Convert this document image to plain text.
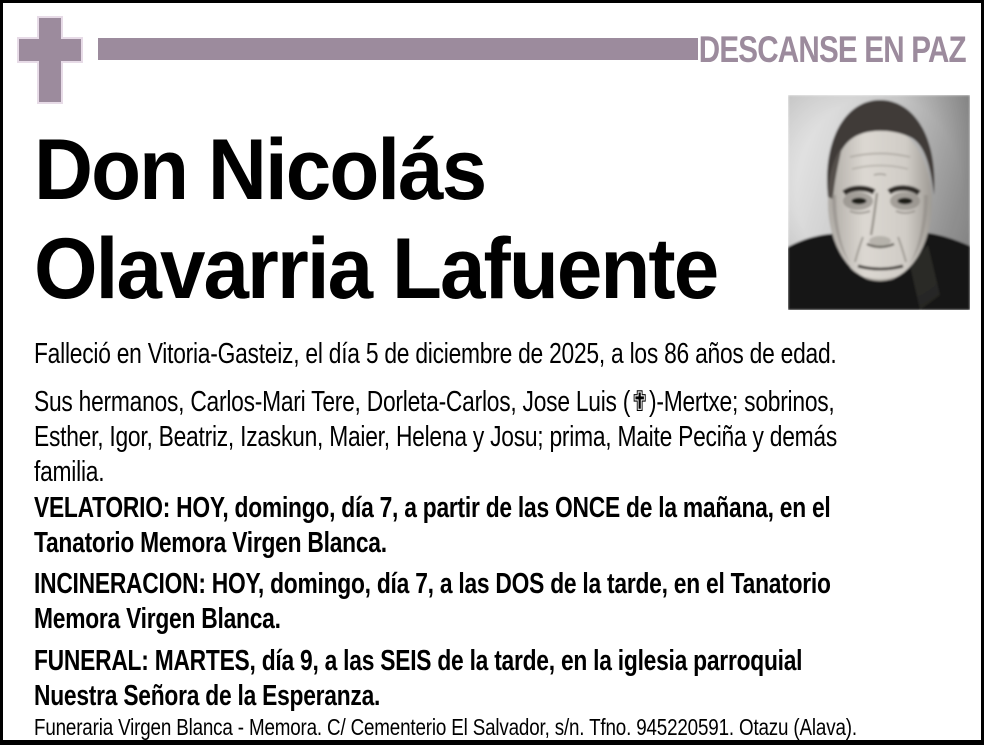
DESCANSE EN PAZ
Don Nicolás
Olavarria Lafuente
Falleció en Vitoria-Gasteiz, el día 5 de diciembre de 2025, a los 86 años de edad.
Sus hermanos, Carlos-Mari Tere, Dorleta-Carlos, Jose Luis (✟)-Mertxe; sobrinos,
Esther, Igor, Beatriz, Izaskun, Maier, Helena y Josu; prima, Maite Peciña y demás
familia.
VELATORIO: HOY, domingo, día 7, a partir de las ONCE de la mañana, en el
Tanatorio Memora Virgen Blanca.
INCINERACION: HOY, domingo, día 7, a las DOS de la tarde, en el Tanatorio
Memora Virgen Blanca.
FUNERAL: MARTES, día 9, a las SEIS de la tarde, en la iglesia parroquial
Nuestra Señora de la Esperanza.
Funeraria Virgen Blanca - Memora. C/ Cementerio El Salvador, s/n. Tfno. 945220591. Otazu (Alava).
